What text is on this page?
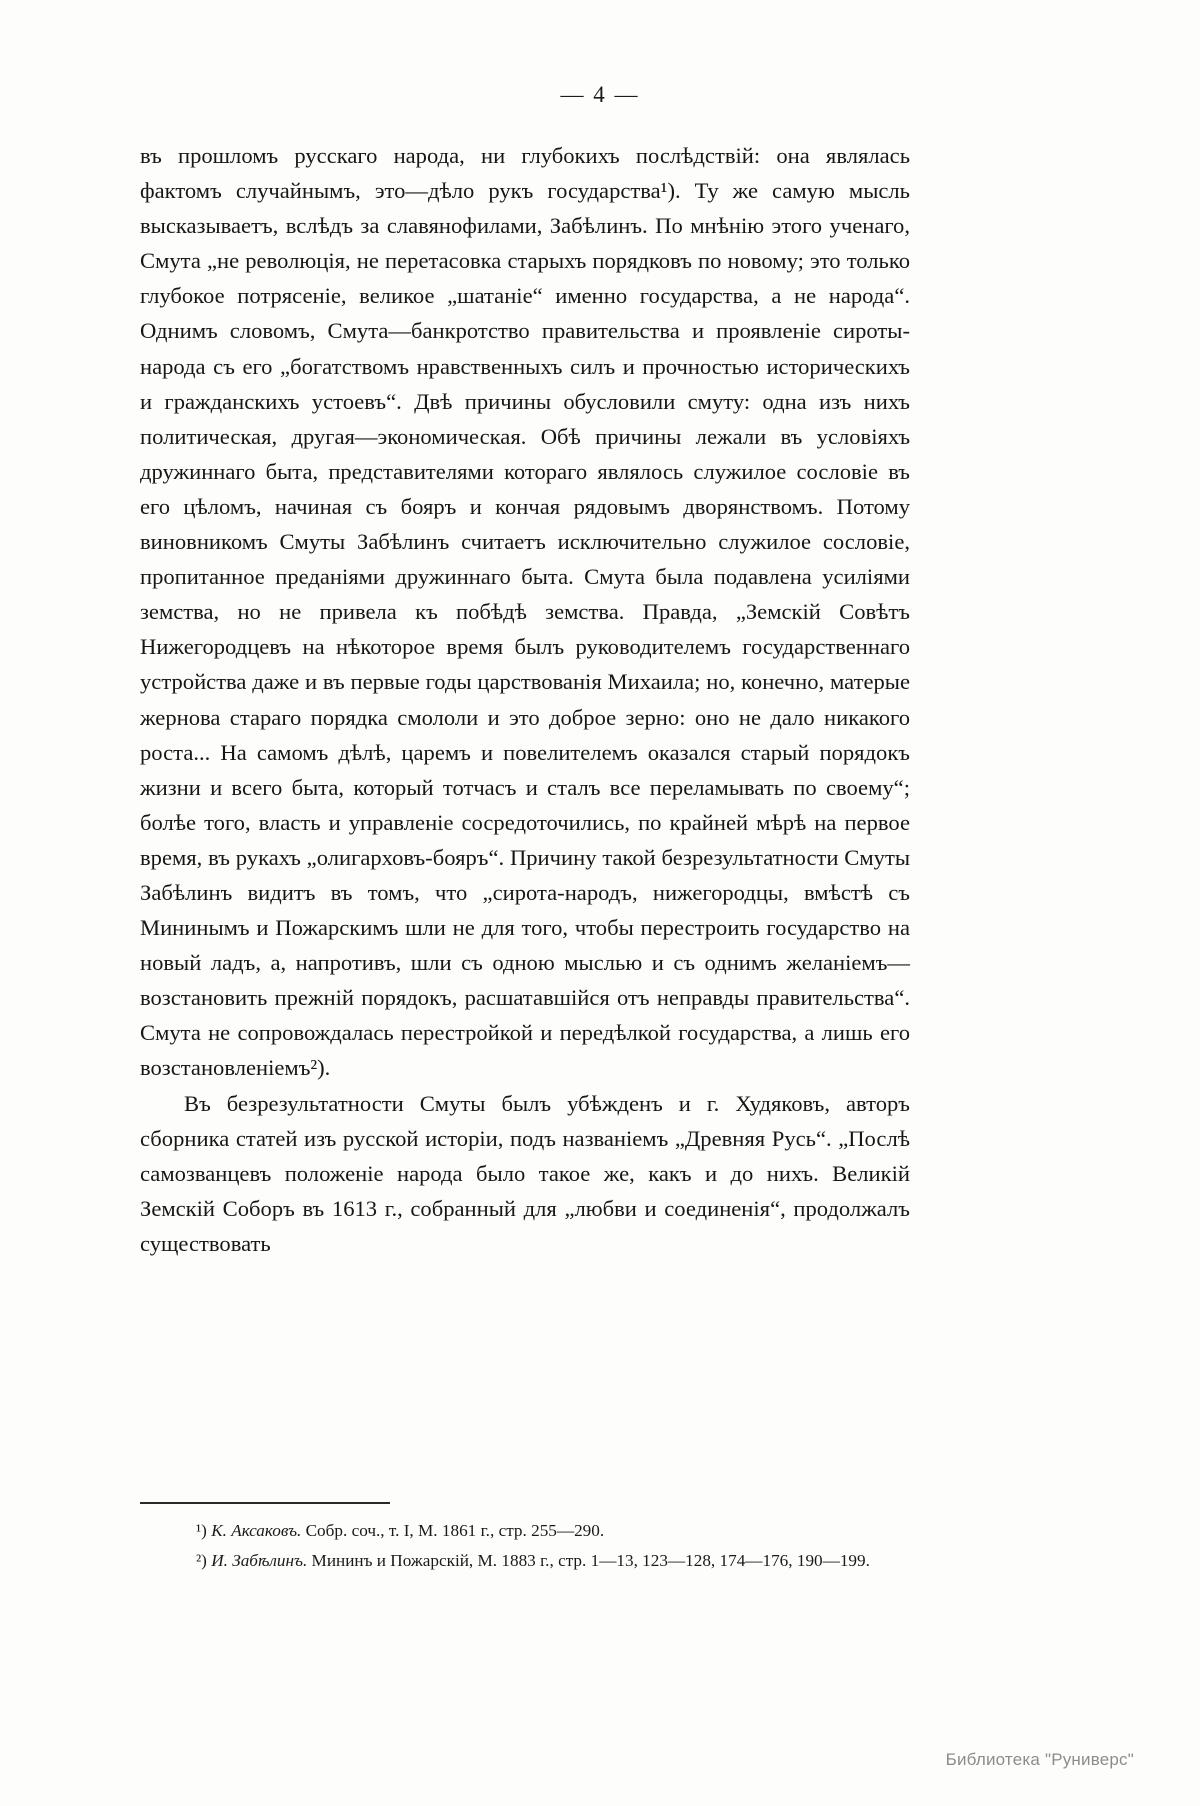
— 4 —

въ прошломъ русскаго народа, ни глубокихъ послѣдствій: она являлась фактомъ случайнымъ, это—дѣло рукъ государства¹). Ту же самую мысль высказываетъ, вслѣдъ за славянофилами, Забѣлинъ. По мнѣнію этого ученаго, Смута „не революція, не перетасовка старыхъ порядковъ по новому; это только глубокое потрясеніе, великое „шатаніе“ именно государства, а не народа“. Однимъ словомъ, Смута—банкротство правительства и проявленіе сироты-народа съ его „богатствомъ нравственныхъ силъ и прочностью историческихъ и гражданскихъ устоевъ“. Двѣ причины обусловили смуту: одна изъ нихъ политическая, другая—экономическая. Обѣ причины лежали въ условіяхъ дружиннаго быта, представителями котораго являлось служилое сословіе въ его цѣломъ, начиная съ бояръ и кончая рядовымъ дворянствомъ. Потому виновникомъ Смуты Забѣлинъ считаетъ исключительно служилое сословіе, пропитанное преданіями дружиннаго быта. Смута была подавлена усиліями земства, но не привела къ побѣдѣ земства. Правда, „Земскій Совѣтъ Нижегородцевъ на нѣкоторое время былъ руководителемъ государственнаго устройства даже и въ первые годы царствованія Михаила; но, конечно, матерые жернова стараго порядка смололи и это доброе зерно: оно не дало никакого роста... На самомъ дѣлѣ, царемъ и повелителемъ оказался старый порядокъ жизни и всего быта, который тотчасъ и сталъ все переламывать по своему“; болѣе того, власть и управленіе сосредоточились, по крайней мѣрѣ на первое время, въ рукахъ „олигарховъ-бояръ“. Причину такой безрезультатности Смуты Забѣлинъ видитъ въ томъ, что „сирота-народъ, нижегородцы, вмѣстѣ съ Мининымъ и Пожарскимъ шли не для того, чтобы перестроить государство на новый ладъ, а, напротивъ, шли съ одною мыслью и съ однимъ желаніемъ—возстановить прежній порядокъ, расшатавшійся отъ неправды правительства“. Смута не сопровождалась перестройкой и передѣлкой государства, а лишь его возстановленіемъ²).

Въ безрезультатности Смуты былъ убѣжденъ и г. Худяковъ, авторъ сборника статей изъ русской исторіи, подъ названіемъ „Древняя Русь“. „Послѣ самозванцевъ положеніе народа было такое же, какъ и до нихъ. Великій Земскій Соборъ въ 1613 г., собранный для „любви и соединенія“, продолжалъ существовать

¹) К. Аксаковъ. Собр. соч., т. I, М. 1861 г., стр. 255—290.

²) И. Забѣлинъ. Мининъ и Пожарскій, М. 1883 г., стр. 1—13, 123—128, 174—176, 190—199.

Библиотека "Руниверс"
